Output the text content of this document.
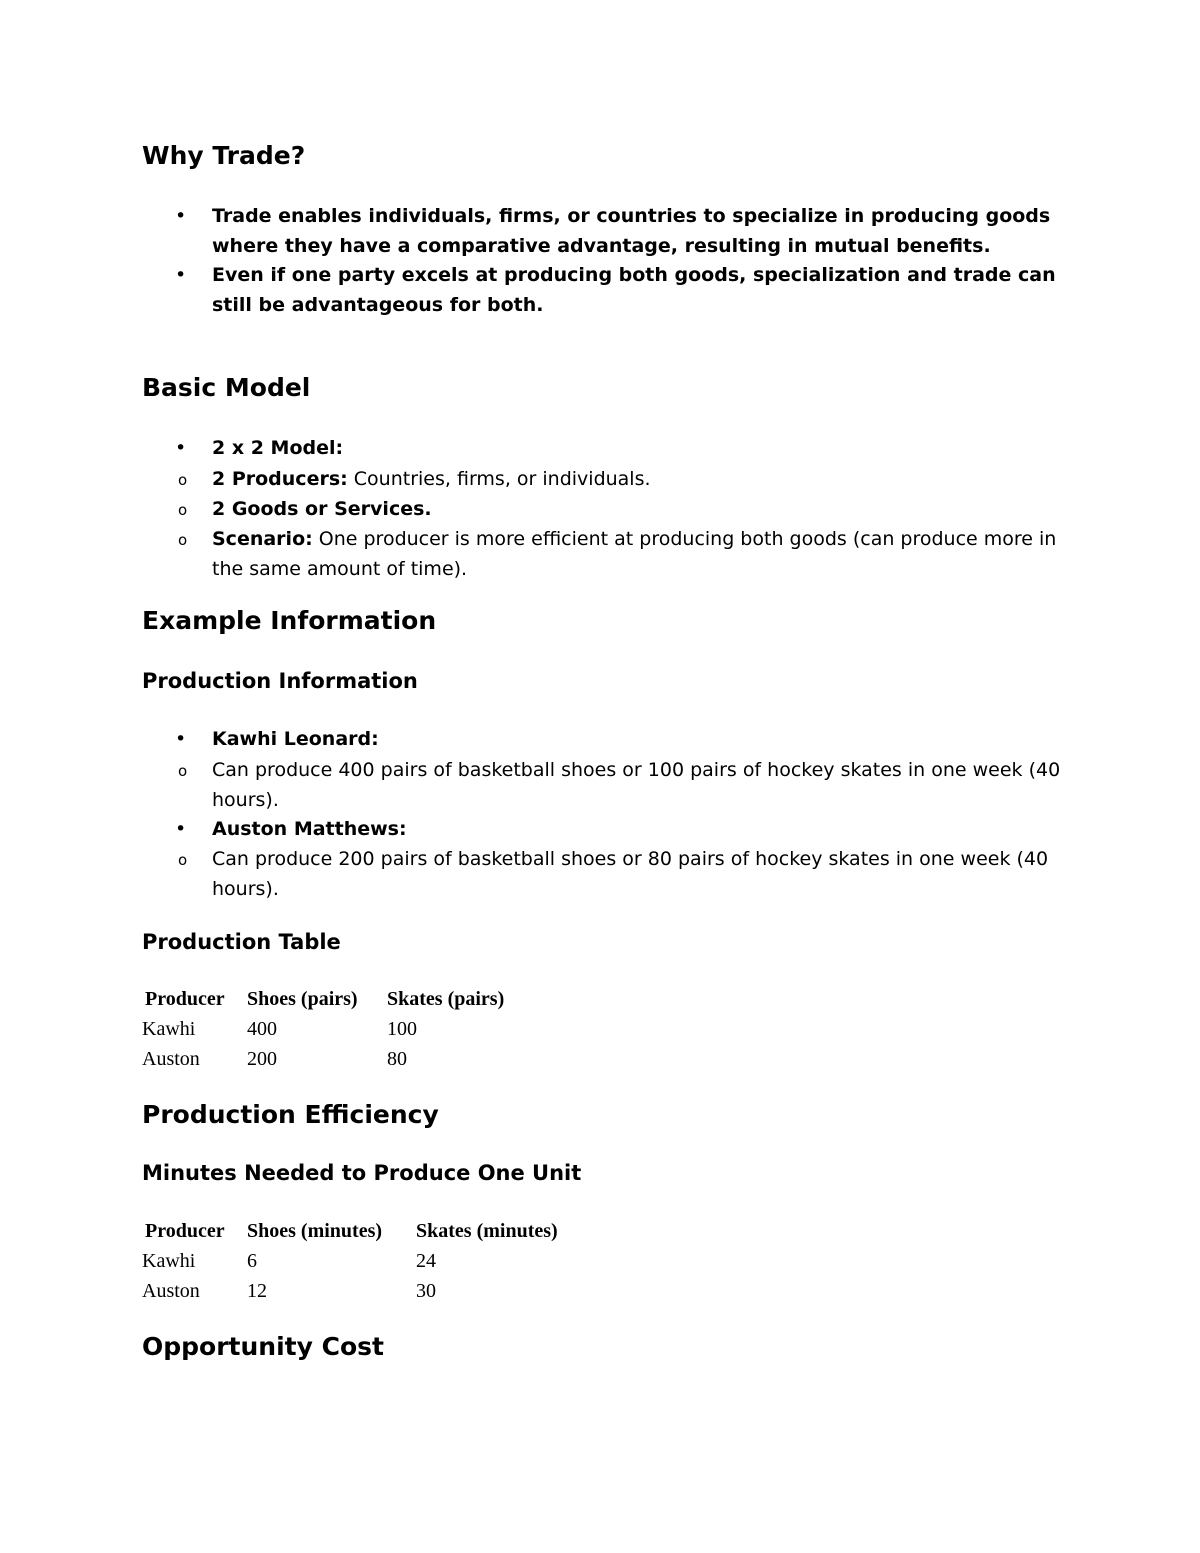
Why Trade?
• Trade enables individuals, firms, or countries to specialize in producing goods where they have a comparative advantage, resulting in mutual benefits.
• Even if one party excels at producing both goods, specialization and trade can still be advantageous for both.
Basic Model
• 2 x 2 Model:
o 2 Producers: Countries, firms, or individuals.
o 2 Goods or Services.
o Scenario: One producer is more efficient at producing both goods (can produce more in the same amount of time).
Example Information
Production Information
• Kawhi Leonard:
o Can produce 400 pairs of basketball shoes or 100 pairs of hockey skates in one week (40 hours).
• Auston Matthews:
o Can produce 200 pairs of basketball shoes or 80 pairs of hockey skates in one week (40 hours).
Production Table
Producer	Shoes (pairs)	Skates (pairs)
Kawhi	400	100
Auston	200	80
Production Efficiency
Minutes Needed to Produce One Unit
Producer	Shoes (minutes)	Skates (minutes)
Kawhi	6	24
Auston	12	30
Opportunity Cost
